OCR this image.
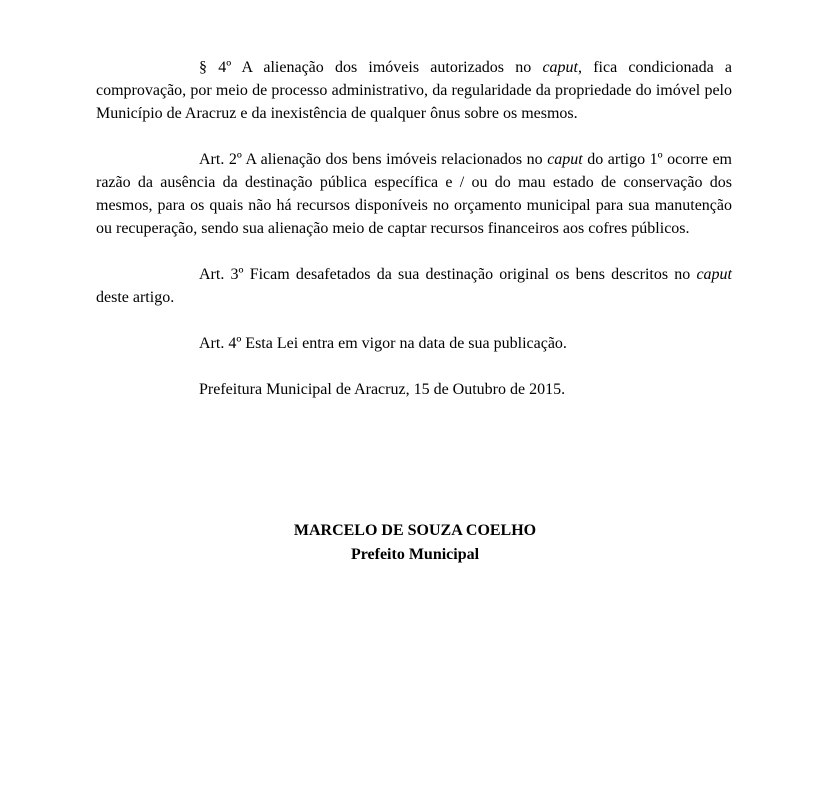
§ 4º A alienação dos imóveis autorizados no caput, fica condicionada a comprovação, por meio de processo administrativo, da regularidade da propriedade do imóvel pelo Município de Aracruz e da inexistência de qualquer ônus sobre os mesmos.

Art. 2º A alienação dos bens imóveis relacionados no caput do artigo 1º ocorre em razão da ausência da destinação pública específica e / ou do mau estado de conservação dos mesmos, para os quais não há recursos disponíveis no orçamento municipal para sua manutenção ou recuperação, sendo sua alienação meio de captar recursos financeiros aos cofres públicos.

Art. 3º Ficam desafetados da sua destinação original os bens descritos no caput deste artigo.

Art. 4º Esta Lei entra em vigor na data de sua publicação.

Prefeitura Municipal de Aracruz, 15 de Outubro de 2015.

MARCELO DE SOUZA COELHO
Prefeito Municipal
